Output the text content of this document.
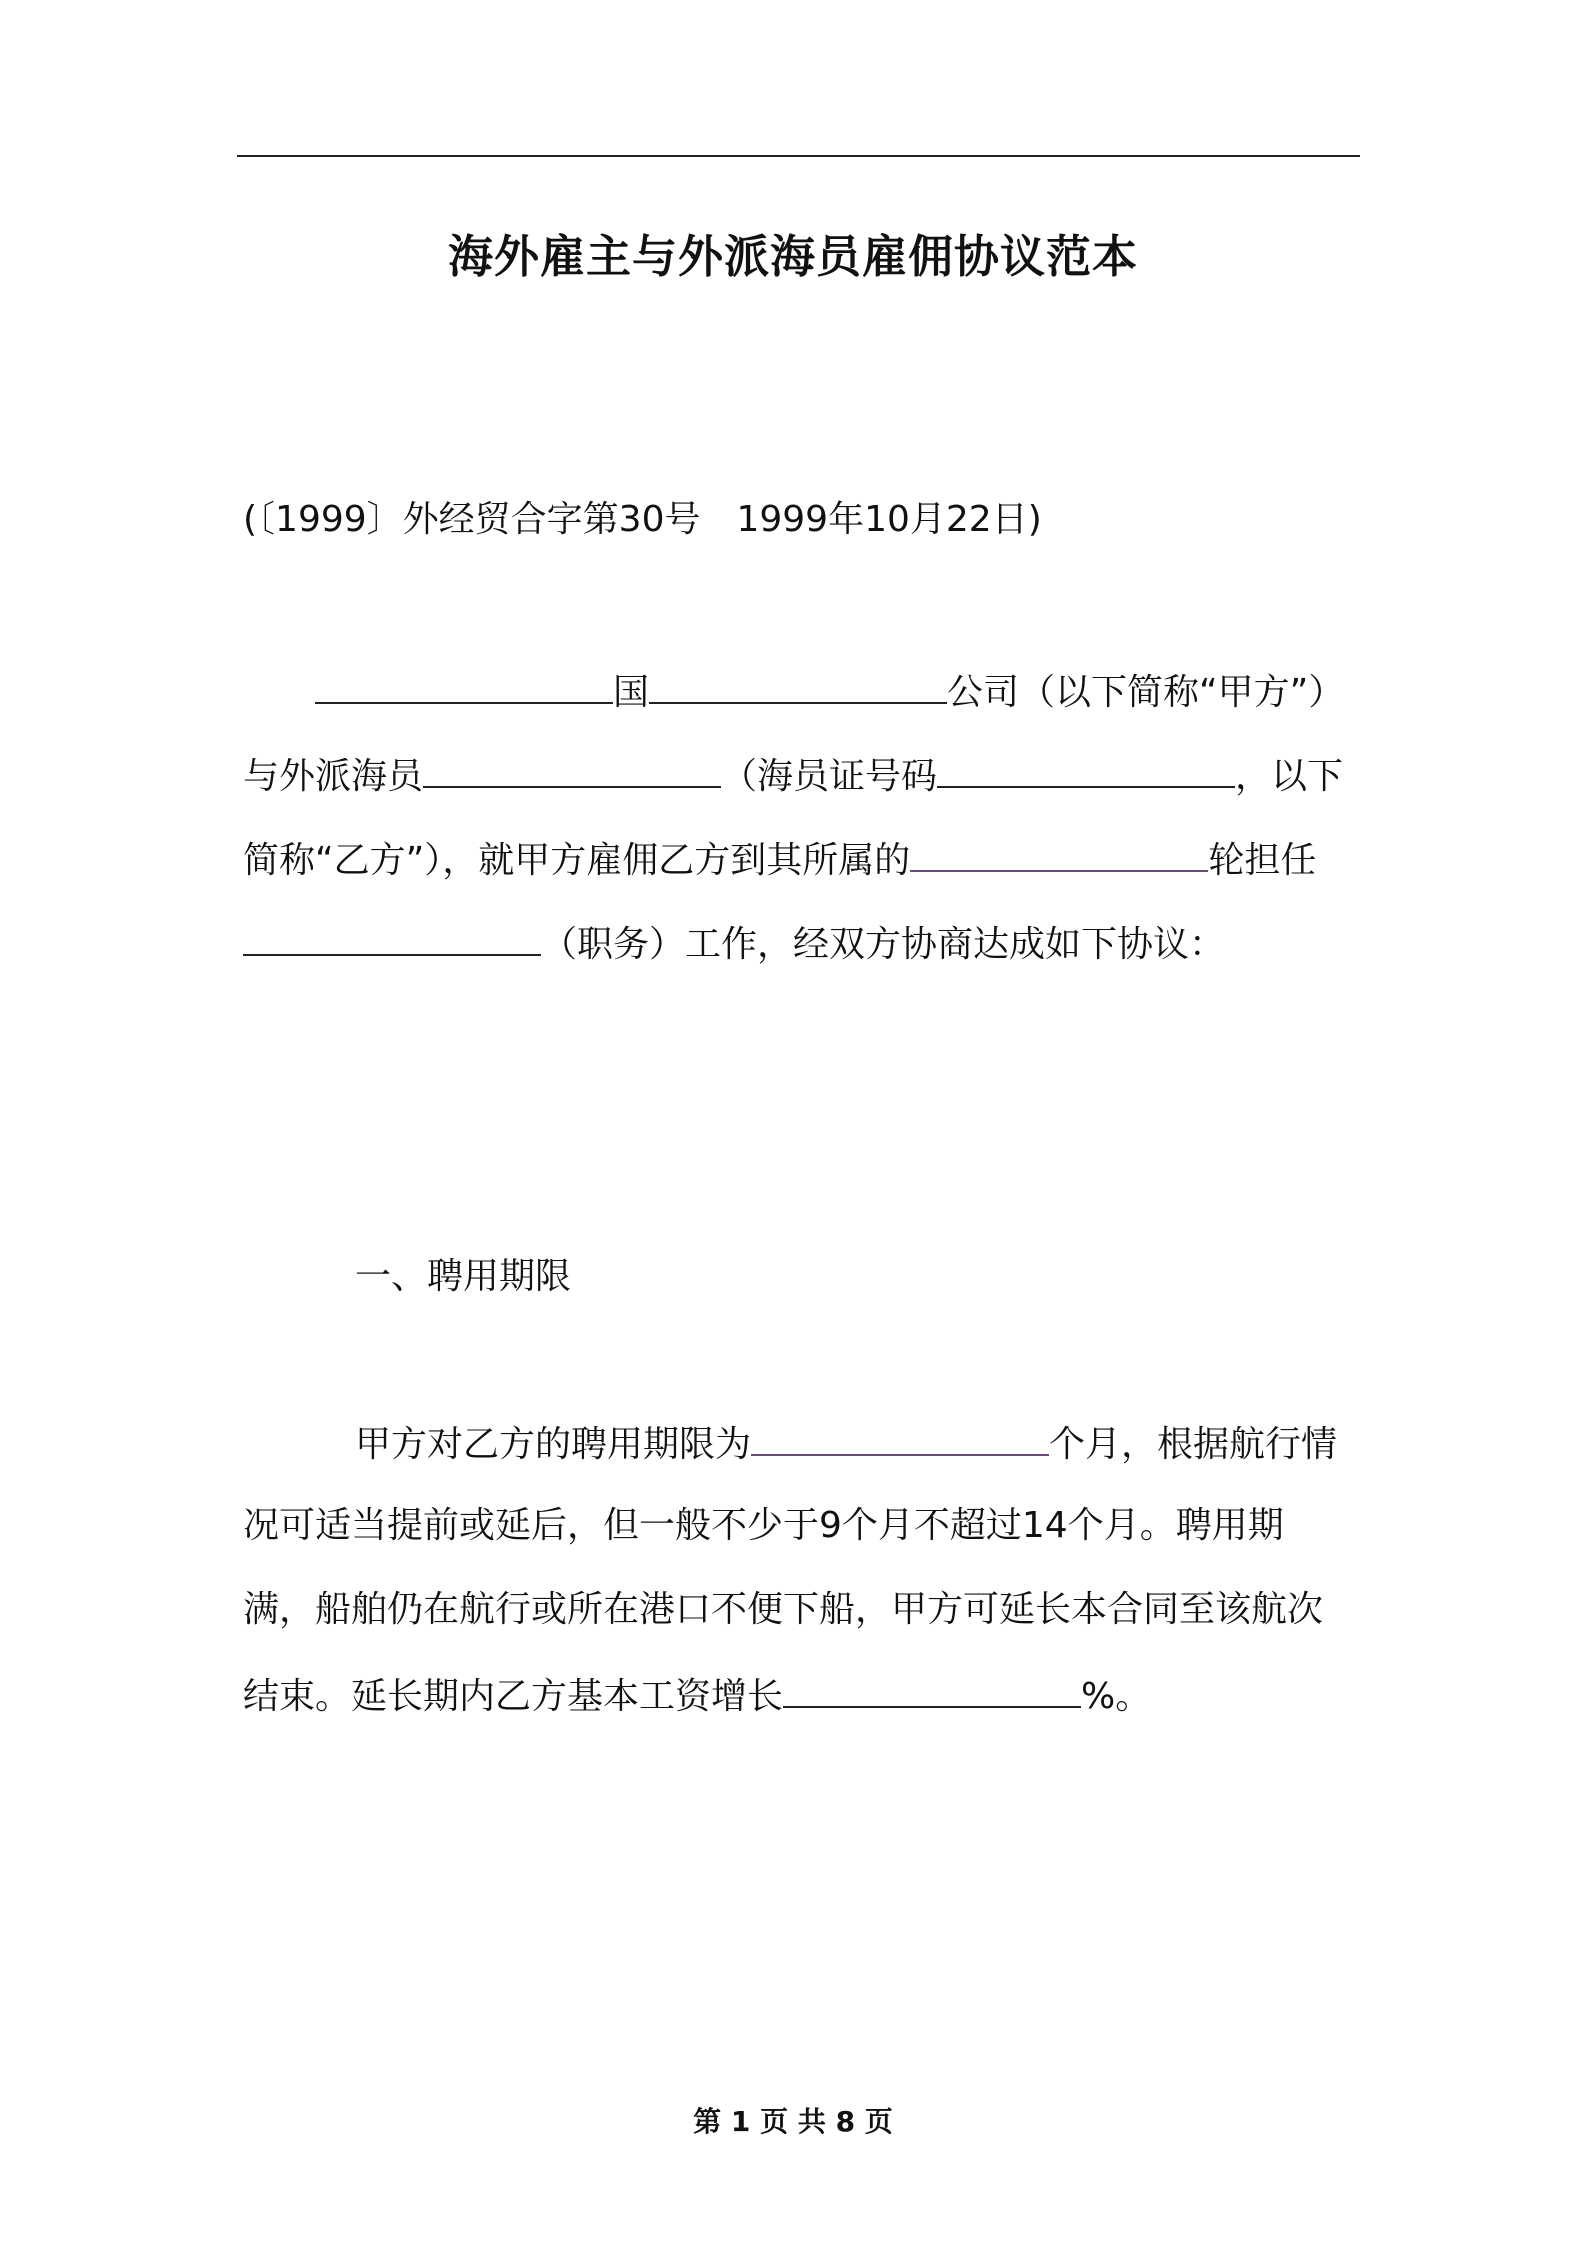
海外雇主与外派海员雇佣协议范本
(〔1999〕外经贸合字第30号　1999年10月22日)
国	公司（以下简称“甲方”）
与外派海员	（海员证号码	，以下
简称“乙方”），就甲方雇佣乙方到其所属的	轮担任
（职务）工作，经双方协商达成如下协议：
一、聘用期限
甲方对乙方的聘用期限为	个月，根据航行情
况可适当提前或延后，但一般不少于9个月不超过14个月。聘用期
满，船舶仍在航行或所在港口不便下船，甲方可延长本合同至该航次
结束。延长期内乙方基本工资增长	%。
第 1 页 共 8 页
